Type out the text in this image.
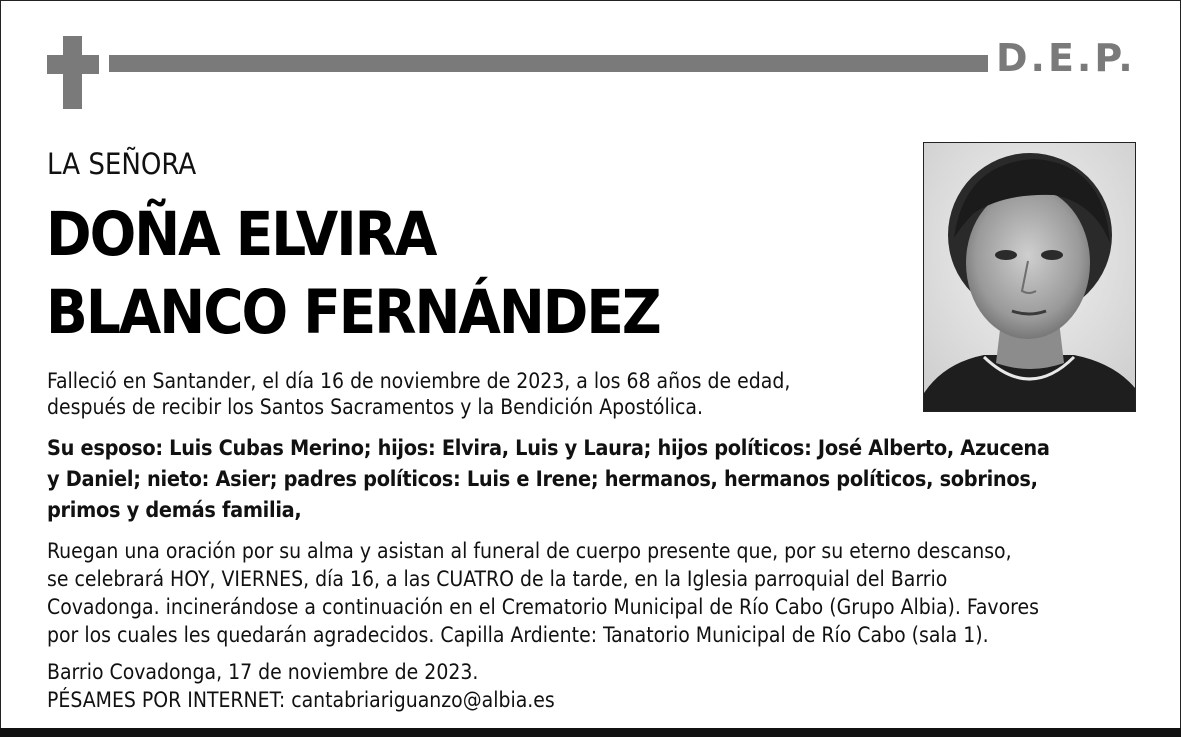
D.E.P.
LA SEÑORA
DOÑA ELVIRA
BLANCO FERNÁNDEZ
Falleció en Santander, el día 16 de noviembre de 2023, a los 68 años de edad,
después de recibir los Santos Sacramentos y la Bendición Apostólica.
Su esposo: Luis Cubas Merino; hijos: Elvira, Luis y Laura; hijos políticos: José Alberto, Azucena
y Daniel; nieto: Asier; padres políticos: Luis e Irene; hermanos, hermanos políticos, sobrinos,
primos y demás familia,
Ruegan una oración por su alma y asistan al funeral de cuerpo presente que, por su eterno descanso,
se celebrará HOY, VIERNES, día 16, a las CUATRO de la tarde, en la Iglesia parroquial del Barrio
Covadonga. incinerándose a continuación en el Crematorio Municipal de Río Cabo (Grupo Albia). Favores
por los cuales les quedarán agradecidos. Capilla Ardiente: Tanatorio Municipal de Río Cabo (sala 1).
Barrio Covadonga, 17 de noviembre de 2023.
PÉSAMES POR INTERNET: cantabriariguanzo@albia.es
